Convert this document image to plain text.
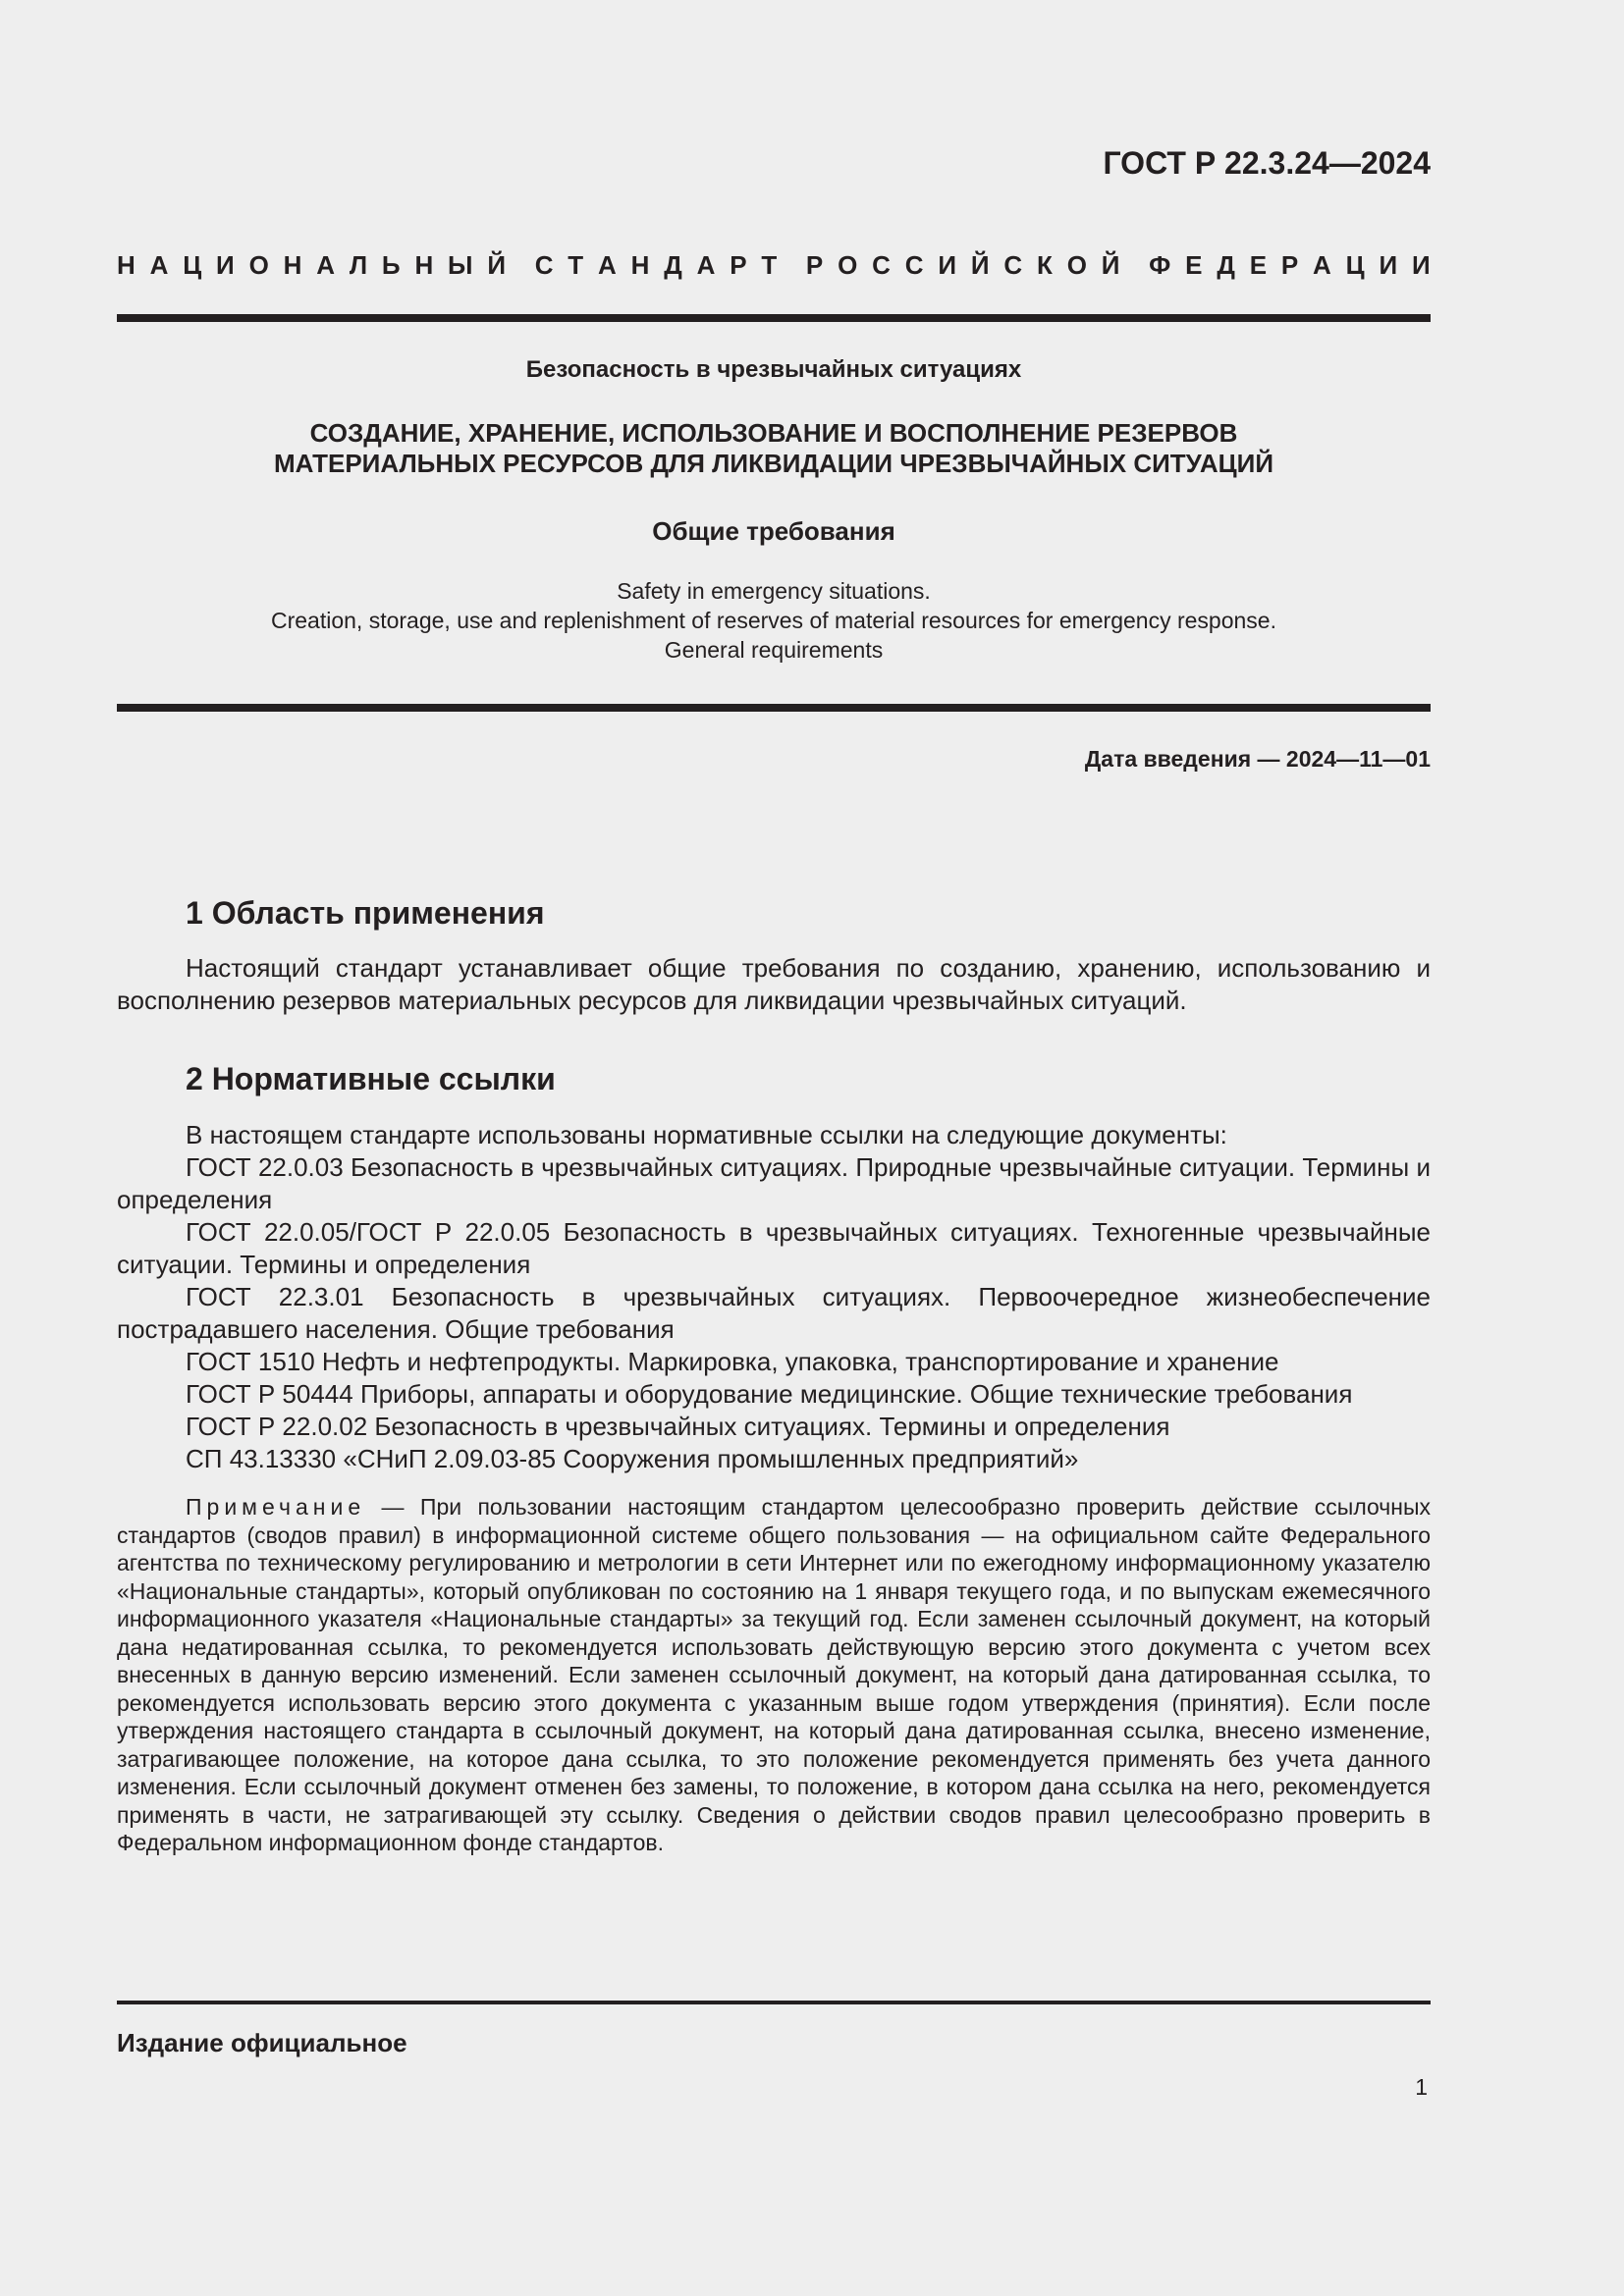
ГОСТ Р 22.3.24—2024
Н А Ц И О Н А Л Ь Н Ы Й С Т А Н Д А Р Т Р О С С И Й С К О Й Ф Е Д Е Р А Ц И И
Безопасность в чрезвычайных ситуациях
СОЗДАНИЕ, ХРАНЕНИЕ, ИСПОЛЬЗОВАНИЕ И ВОСПОЛНЕНИЕ РЕЗЕРВОВ
МАТЕРИАЛЬНЫХ РЕСУРСОВ ДЛЯ ЛИКВИДАЦИИ ЧРЕЗВЫЧАЙНЫХ СИТУАЦИЙ
Общие требования
Safety in emergency situations.
Creation, storage, use and replenishment of reserves of material resources for emergency response.
General requirements
Дата введения — 2024—11—01
1 Область применения
Настоящий стандарт устанавливает общие требования по созданию, хранению, использованию и восполнению резервов материальных ресурсов для ликвидации чрезвычайных ситуаций.
2 Нормативные ссылки

В настоящем стандарте использованы нормативные ссылки на следующие документы:

ГОСТ 22.0.03 Безопасность в чрезвычайных ситуациях. Природные чрезвычайные ситуации. Термины и определения

ГОСТ 22.0.05/ГОСТ Р 22.0.05 Безопасность в чрезвычайных ситуациях. Техногенные чрезвычайные ситуации. Термины и определения

ГОСТ 22.3.01 Безопасность в чрезвычайных ситуациях. Первоочередное жизнеобеспечение пострадавшего населения. Общие требования

ГОСТ 1510 Нефть и нефтепродукты. Маркировка, упаковка, транспортирование и хранение

ГОСТ Р 50444 Приборы, аппараты и оборудование медицинские. Общие технические требования

ГОСТ Р 22.0.02 Безопасность в чрезвычайных ситуациях. Термины и определения

СП 43.13330 «СНиП 2.09.03-85 Сооружения промышленных предприятий»

Примечание — При пользовании настоящим стандартом целесообразно проверить действие ссылочных стандартов (сводов правил) в информационной системе общего пользования — на официальном сайте Федерального агентства по техническому регулированию и метрологии в сети Интернет или по ежегодному информационному указателю «Национальные стандарты», который опубликован по состоянию на 1 января текущего года, и по выпускам ежемесячного информационного указателя «Национальные стандарты» за текущий год. Если заменен ссылочный документ, на который дана недатированная ссылка, то рекомендуется использовать действующую версию этого документа с учетом всех внесенных в данную версию изменений. Если заменен ссылочный документ, на который дана датированная ссылка, то рекомендуется использовать версию этого документа с указанным выше годом утверждения (принятия). Если после утверждения настоящего стандарта в ссылочный документ, на который дана датированная ссылка, внесено изменение, затрагивающее положение, на которое дана ссылка, то это положение рекомендуется применять без учета данного изменения. Если ссылочный документ отменен без замены, то положение, в котором дана ссылка на него, рекомендуется применять в части, не затрагивающей эту ссылку. Сведения о действии сводов правил целесообразно проверить в Федеральном информационном фонде стандартов.
Издание официальное
1
